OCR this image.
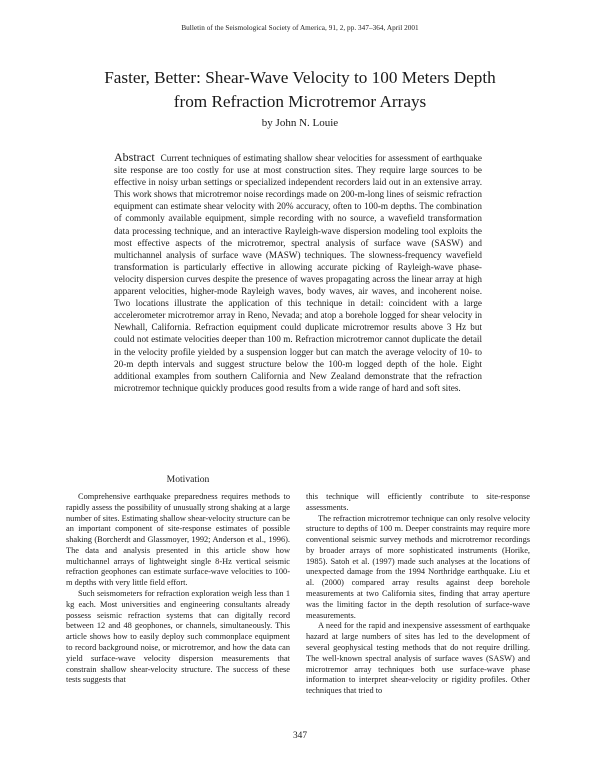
Bulletin of the Seismological Society of America, 91, 2, pp. 347–364, April 2001
Faster, Better: Shear-Wave Velocity to 100 Meters Depth
from Refraction Microtremor Arrays
by John N. Louie
Abstract Current techniques of estimating shallow shear velocities for assessment of earthquake site response are too costly for use at most construction sites. They require large sources to be effective in noisy urban settings or specialized independent recorders laid out in an extensive array. This work shows that microtremor noise recordings made on 200-m-long lines of seismic refraction equipment can estimate shear velocity with 20% accuracy, often to 100-m depths. The combination of commonly available equipment, simple recording with no source, a wavefield transformation data processing technique, and an interactive Rayleigh-wave dispersion modeling tool exploits the most effective aspects of the microtremor, spectral analysis of surface wave (SASW) and multichannel analysis of surface wave (MASW) techniques. The slowness-frequency wavefield transformation is particularly effective in allowing accurate picking of Rayleigh-wave phase-velocity dispersion curves despite the presence of waves propagating across the linear array at high apparent velocities, higher-mode Rayleigh waves, body waves, air waves, and incoherent noise. Two locations illustrate the application of this technique in detail: coincident with a large accelerometer microtremor array in Reno, Nevada; and atop a borehole logged for shear velocity in Newhall, California. Refraction equipment could duplicate microtremor results above 3 Hz but could not estimate velocities deeper than 100 m. Refraction microtremor cannot duplicate the detail in the velocity profile yielded by a suspension logger but can match the average velocity of 10- to 20-m depth intervals and suggest structure below the 100-m logged depth of the hole. Eight additional examples from southern California and New Zealand demonstrate that the refraction microtremor technique quickly produces good results from a wide range of hard and soft sites.
Motivation

Comprehensive earthquake preparedness requires methods to rapidly assess the possibility of unusually strong shaking at a large number of sites. Estimating shallow shear-velocity structure can be an important component of site-response estimates of possible shaking (Borcherdt and Glassmoyer, 1992; Anderson et al., 1996). The data and analysis presented in this article show how multichannel arrays of lightweight single 8-Hz vertical seismic refraction geophones can estimate surface-wave velocities to 100-m depths with very little field effort.

Such seismometers for refraction exploration weigh less than 1 kg each. Most universities and engineering consultants already possess seismic refraction systems that can digitally record between 12 and 48 geophones, or channels, simultaneously. This article shows how to easily deploy such commonplace equipment to record background noise, or microtremor, and how the data can yield surface-wave velocity dispersion measurements that constrain shallow shear-velocity structure. The success of these tests suggests that

this technique will efficiently contribute to site-response assessments.

The refraction microtremor technique can only resolve velocity structure to depths of 100 m. Deeper constraints may require more conventional seismic survey methods and microtremor recordings by broader arrays of more sophisticated instruments (Horike, 1985). Satoh et al. (1997) made such analyses at the locations of unexpected damage from the 1994 Northridge earthquake. Liu et al. (2000) compared array results against deep borehole measurements at two California sites, finding that array aperture was the limiting factor in the depth resolution of surface-wave measurements.

A need for the rapid and inexpensive assessment of earthquake hazard at large numbers of sites has led to the development of several geophysical testing methods that do not require drilling. The well-known spectral analysis of surface waves (SASW) and microtremor array techniques both use surface-wave phase information to interpret shear-velocity or rigidity profiles. Other techniques that tried to

347
